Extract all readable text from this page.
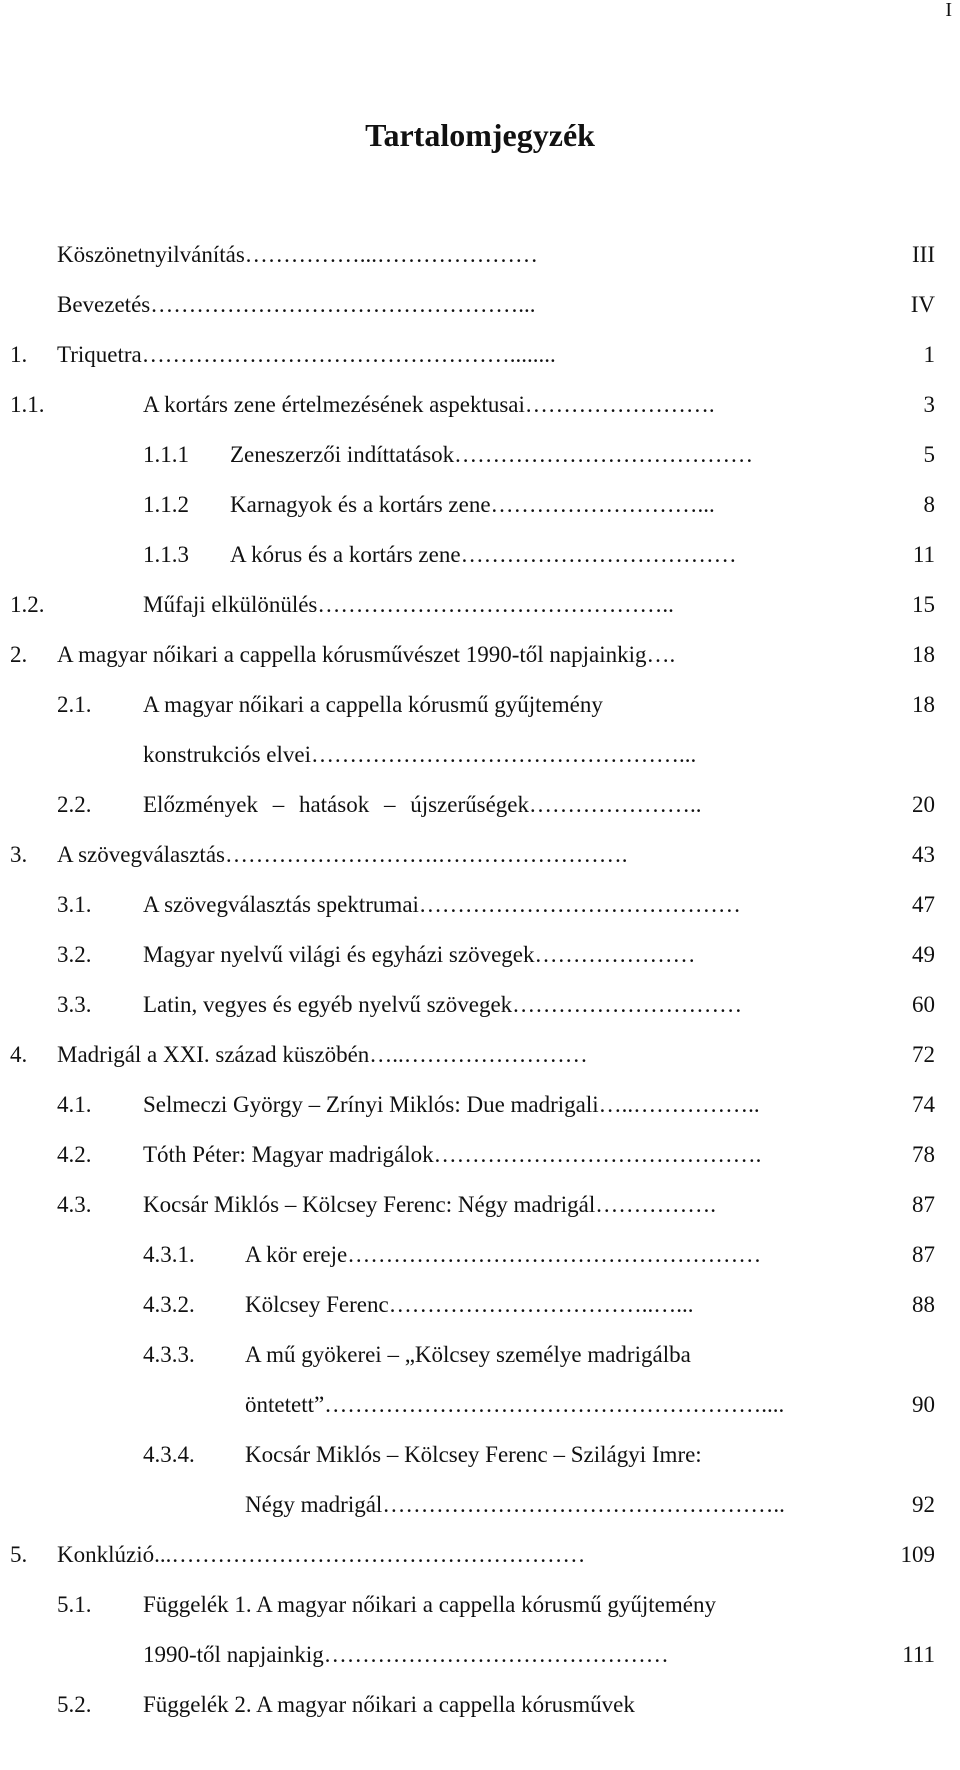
I
Tartalomjegyzék
Köszönetnyilvánítás ……………...…………………	III
Bevezetés …………………………………………...	IV
1. Triquetra …………………………………………........	1
1.1.	A kortárs zene értelmezésének aspektusai …………………….	3
1.1.1 Zeneszerzői indíttatások …………………………………	5
1.1.2 Karnagyok és a kortárs zene ………………………...	8
1.1.3 A kórus és a kortárs zene ………………………………	11
1.2.	Műfaji elkülönülés ………………………………………..	15
2. A magyar nőikari a cappella kórusművészet 1990-től napjainkig ….	18
2.1. A magyar nőikari a cappella kórusmű gyűjtemény	18
konstrukciós elvei …………………………………………...
2.2. Előzmények – hatások – újszerűségek …………………..	20
3. A szövegválasztás ……………………….…………………….	43
3.1. A szövegválasztás spektrumai ……………………………………	47
3.2. Magyar nyelvű világi és egyházi szövegek …………………	49
3.3. Latin, vegyes és egyéb nyelvű szövegek …………………………	60
4. Madrigál a XXI. század küszöbén …..……………………	72
4.1. Selmeczi György – Zrínyi Miklós: Due madrigali …..……………..	74
4.2. Tóth Péter: Magyar madrigálok …………………………………….	78
4.3. Kocsár Miklós – Kölcsey Ferenc: Négy madrigál …………….	87
4.3.1. A kör ereje ………………………………………………	87
4.3.2. Kölcsey Ferenc ……………………………..…...	88
4.3.3. A mű gyökerei – „Kölcsey személye madrigálba
öntetett” …………………………………………………....	90
4.3.4. Kocsár Miklós – Kölcsey Ferenc – Szilágyi Imre:
Négy madrigál ……………………………………………..	92
5. Konklúzió ...………………………………………………	109
5.1. Függelék 1. A magyar nőikari a cappella kórusmű gyűjtemény
1990-től napjainkig ………………………………………	111
5.2. Függelék 2. A magyar nőikari a cappella kórusművek
